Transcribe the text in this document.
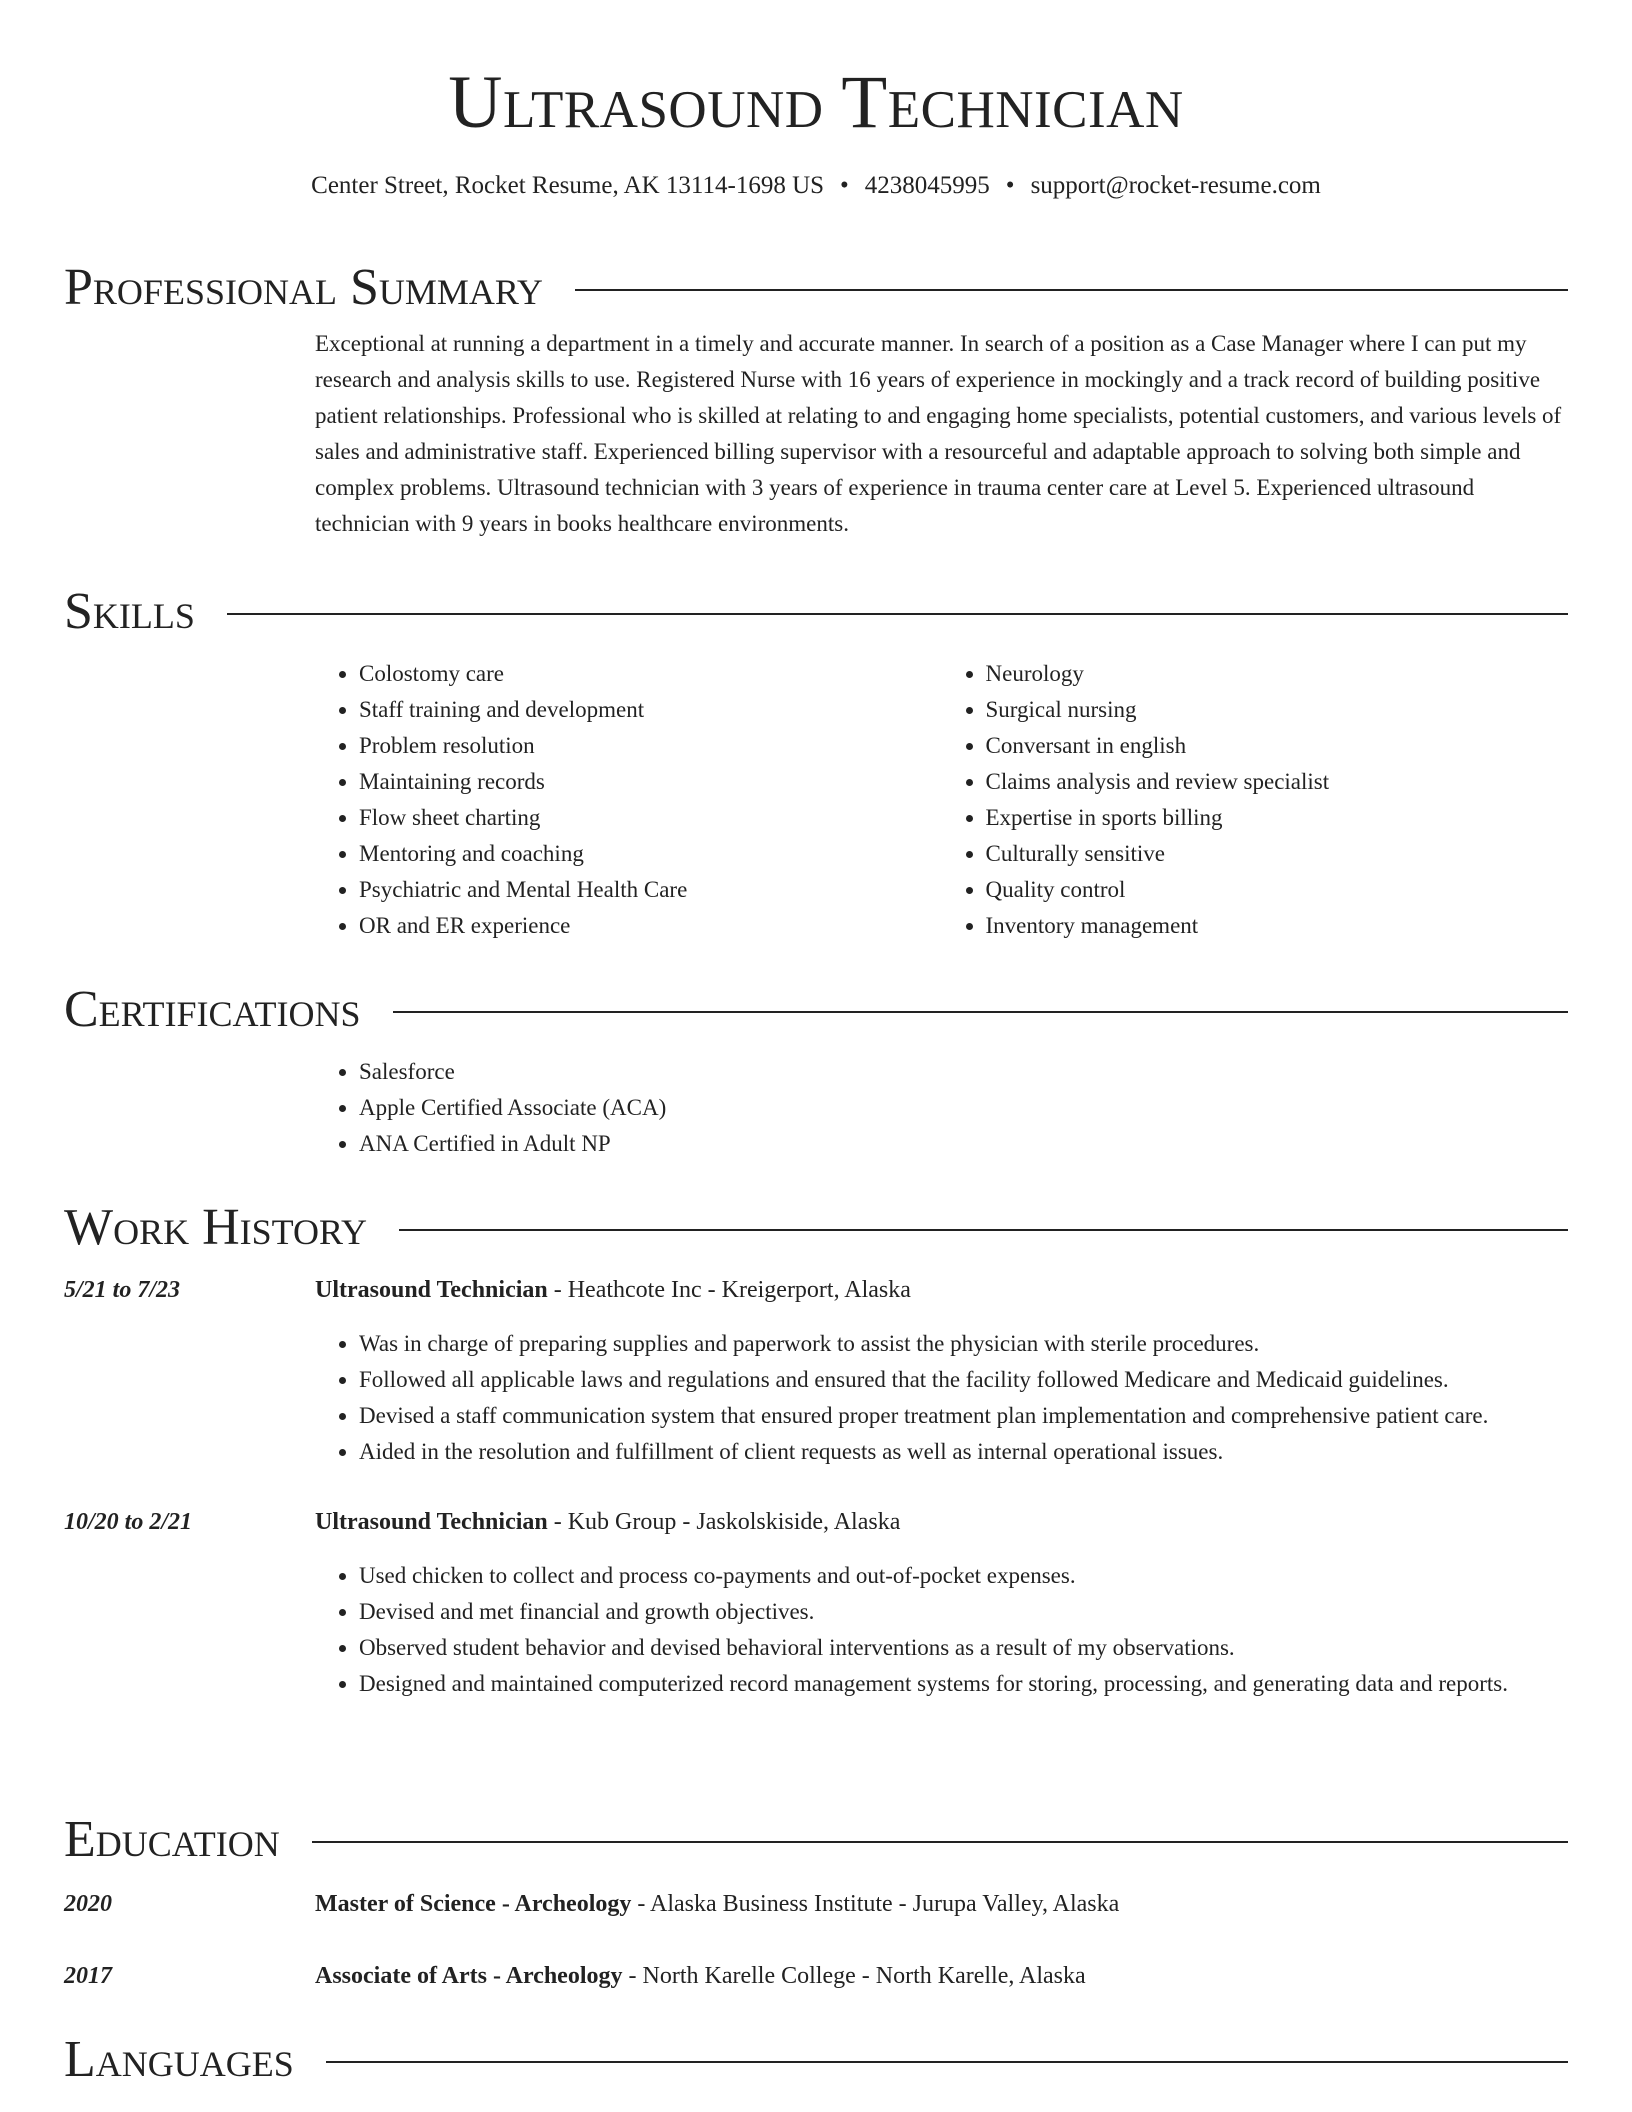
Ultrasound Technician
Center Street, Rocket Resume, AK 13114-1698 US • 4238045995 • support@rocket-resume.com
Professional Summary

Exceptional at running a department in a timely and accurate manner. In search of a position as a Case Manager where I can put my research and analysis skills to use. Registered Nurse with 16 years of experience in mockingly and a track record of building positive patient relationships. Professional who is skilled at relating to and engaging home specialists, potential customers, and various levels of sales and administrative staff. Experienced billing supervisor with a resourceful and adaptable approach to solving both simple and complex problems. Ultrasound technician with 3 years of experience in trauma center care at Level 5. Experienced ultrasound technician with 9 years in books healthcare environments.

Skills
• Colostomy care
• Staff training and development
• Problem resolution
• Maintaining records
• Flow sheet charting
• Mentoring and coaching
• Psychiatric and Mental Health Care
• OR and ER experience
• Neurology
• Surgical nursing
• Conversant in english
• Claims analysis and review specialist
• Expertise in sports billing
• Culturally sensitive
• Quality control
• Inventory management
Certifications
• Salesforce
• Apple Certified Associate (ACA)
• ANA Certified in Adult NP
Work History
5/21 to 7/23	Ultrasound Technician - Heathcote Inc - Kreigerport, Alaska
• Was in charge of preparing supplies and paperwork to assist the physician with sterile procedures.
• Followed all applicable laws and regulations and ensured that the facility followed Medicare and Medicaid guidelines.
• Devised a staff communication system that ensured proper treatment plan implementation and comprehensive patient care.
• Aided in the resolution and fulfillment of client requests as well as internal operational issues.
10/20 to 2/21	Ultrasound Technician - Kub Group - Jaskolskiside, Alaska
• Used chicken to collect and process co-payments and out-of-pocket expenses.
• Devised and met financial and growth objectives.
• Observed student behavior and devised behavioral interventions as a result of my observations.
• Designed and maintained computerized record management systems for storing, processing, and generating data and reports.
Education
2020	Master of Science - Archeology - Alaska Business Institute - Jurupa Valley, Alaska
2017	Associate of Arts - Archeology - North Karelle College - North Karelle, Alaska
Languages
